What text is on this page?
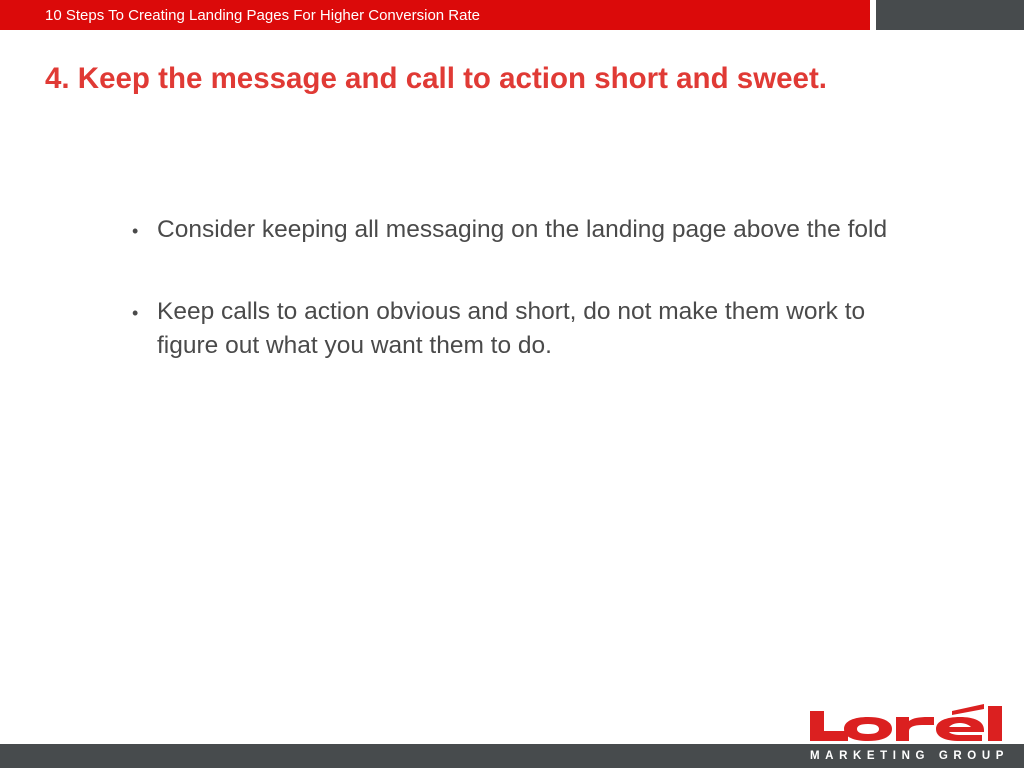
10 Steps To Creating Landing Pages For Higher Conversion Rate
4. Keep the message and call to action short and sweet.
• Consider keeping all messaging on the landing page above the fold
• Keep calls to action obvious and short, do not make them work to figure out what you want them to do.
MARKETING GROUP
